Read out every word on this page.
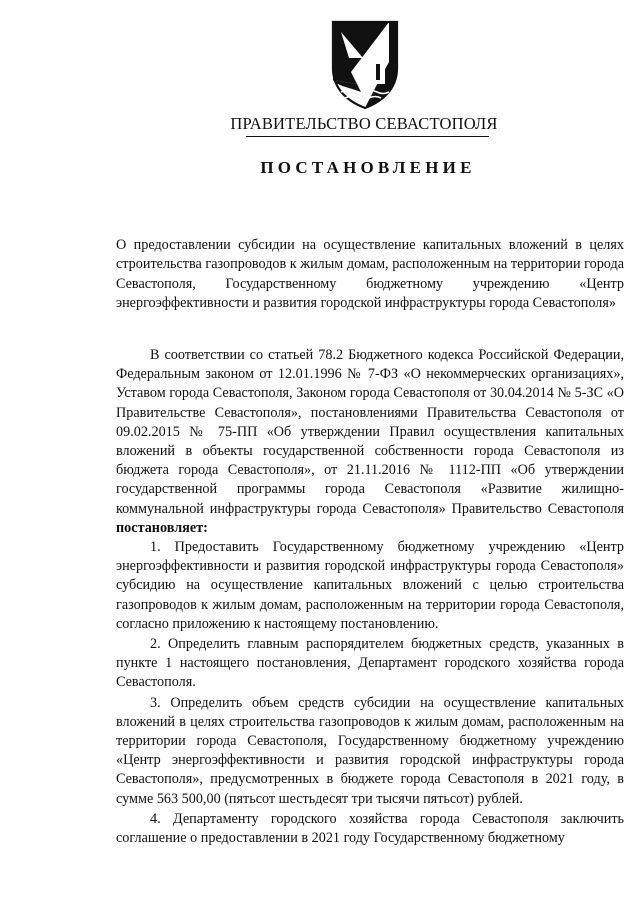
ПРАВИТЕЛЬСТВО СЕВАСТОПОЛЯ
ПОСТАНОВЛЕНИЕ
О предоставлении субсидии на осуществление капитальных вложений в целях строительства газопроводов к жилым домам, расположенным на территории города Севастополя, Государственному бюджетному учреждению «Центр энергоэффективности и развития городской инфраструктуры города Севастополя»
В соответствии со статьей 78.2 Бюджетного кодекса Российской Федерации, Федеральным законом от 12.01.1996 № 7-ФЗ «О некоммерческих организациях», Уставом города Севастополя, Законом города Севастополя от 30.04.2014 № 5-ЗС «О Правительстве Севастополя», постановлениями Правительства Севастополя от 09.02.2015 № 75-ПП «Об утверждении Правил осуществления капитальных вложений в объекты государственной собственности города Севастополя из бюджета города Севастополя», от 21.11.2016 № 1112-ПП «Об утверждении государственной программы города Севастополя «Развитие жилищно-коммунальной инфраструктуры города Севастополя» Правительство Севастополя постановляет:

1. Предоставить Государственному бюджетному учреждению «Центр энергоэффективности и развития городской инфраструктуры города Севастополя» субсидию на осуществление капитальных вложений с целью строительства газопроводов к жилым домам, расположенным на территории города Севастополя, согласно приложению к настоящему постановлению.

2. Определить главным распорядителем бюджетных средств, указанных в пункте 1 настоящего постановления, Департамент городского хозяйства города Севастополя.

3. Определить объем средств субсидии на осуществление капитальных вложений в целях строительства газопроводов к жилым домам, расположенным на территории города Севастополя, Государственному бюджетному учреждению «Центр энергоэффективности и развития городской инфраструктуры города Севастополя», предусмотренных в бюджете города Севастополя в 2021 году, в сумме 563 500,00 (пятьсот шестьдесят три тысячи пятьсот) рублей.

4. Департаменту городского хозяйства города Севастополя заключить соглашение о предоставлении в 2021 году Государственному бюджетному
